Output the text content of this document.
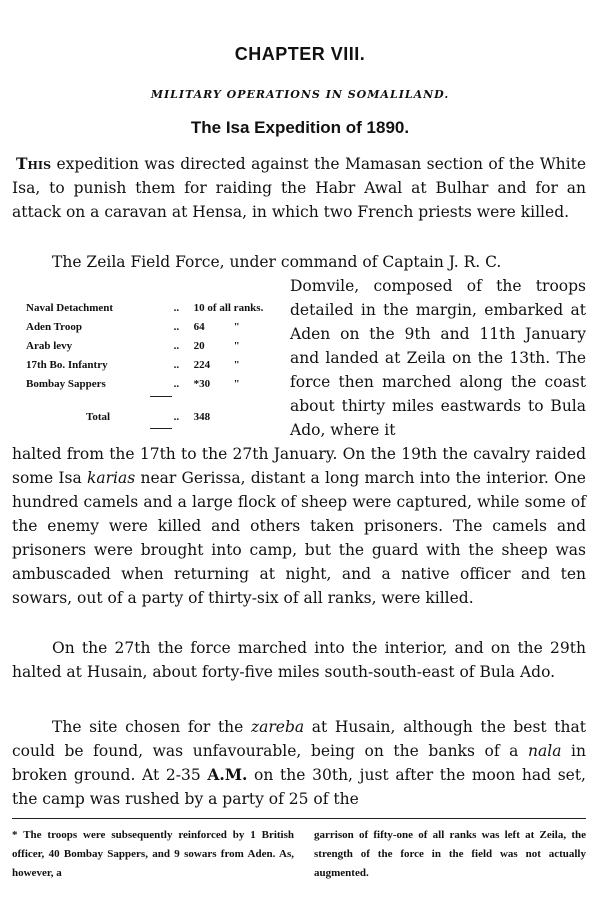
CHAPTER VIII.
MILITARY OPERATIONS IN SOMALILAND.
The Isa Expedition of 1890.
This expedition was directed against the Mamasan section of the White Isa, to punish them for raiding the Habr Awal at Bulhar and for an attack on a caravan at Hensa, in which two French priests were killed.
The Zeila Field Force, under command of Captain J. R. C.
Naval Detachment	..	10 of all ranks.	
Aden Troop	..	64	"
Arab levy	..	20	"
17th Bo. Infantry	..	224	"
Bombay Sappers	..	*30	"
Total	..	348	
Domvile, composed of the troops detailed in the margin, embarked at Aden on the 9th and 11th January and landed at Zeila on the 13th. The force then marched along the coast about thirty miles eastwards to Bula Ado, where it
halted from the 17th to the 27th January. On the 19th the cavalry raided some Isa karias near Gerissa, distant a long march into the interior. One hundred camels and a large flock of sheep were captured, while some of the enemy were killed and others taken prisoners. The camels and prisoners were brought into camp, but the guard with the sheep was ambuscaded when returning at night, and a native officer and ten sowars, out of a party of thirty-six of all ranks, were killed.
On the 27th the force marched into the interior, and on the 29th halted at Husain, about forty-five miles south-south-east of Bula Ado.
The site chosen for the zareba at Husain, although the best that could be found, was unfavourable, being on the banks of a nala in broken ground. At 2-35 A.M. on the 30th, just after the moon had set, the camp was rushed by a party of 25 of the
* The troops were subsequently reinforced by 1 British officer, 40 Bombay Sappers, and 9 sowars from Aden. As, however, a
garrison of fifty-one of all ranks was left at Zeila, the strength of the force in the field was not actually augmented.
